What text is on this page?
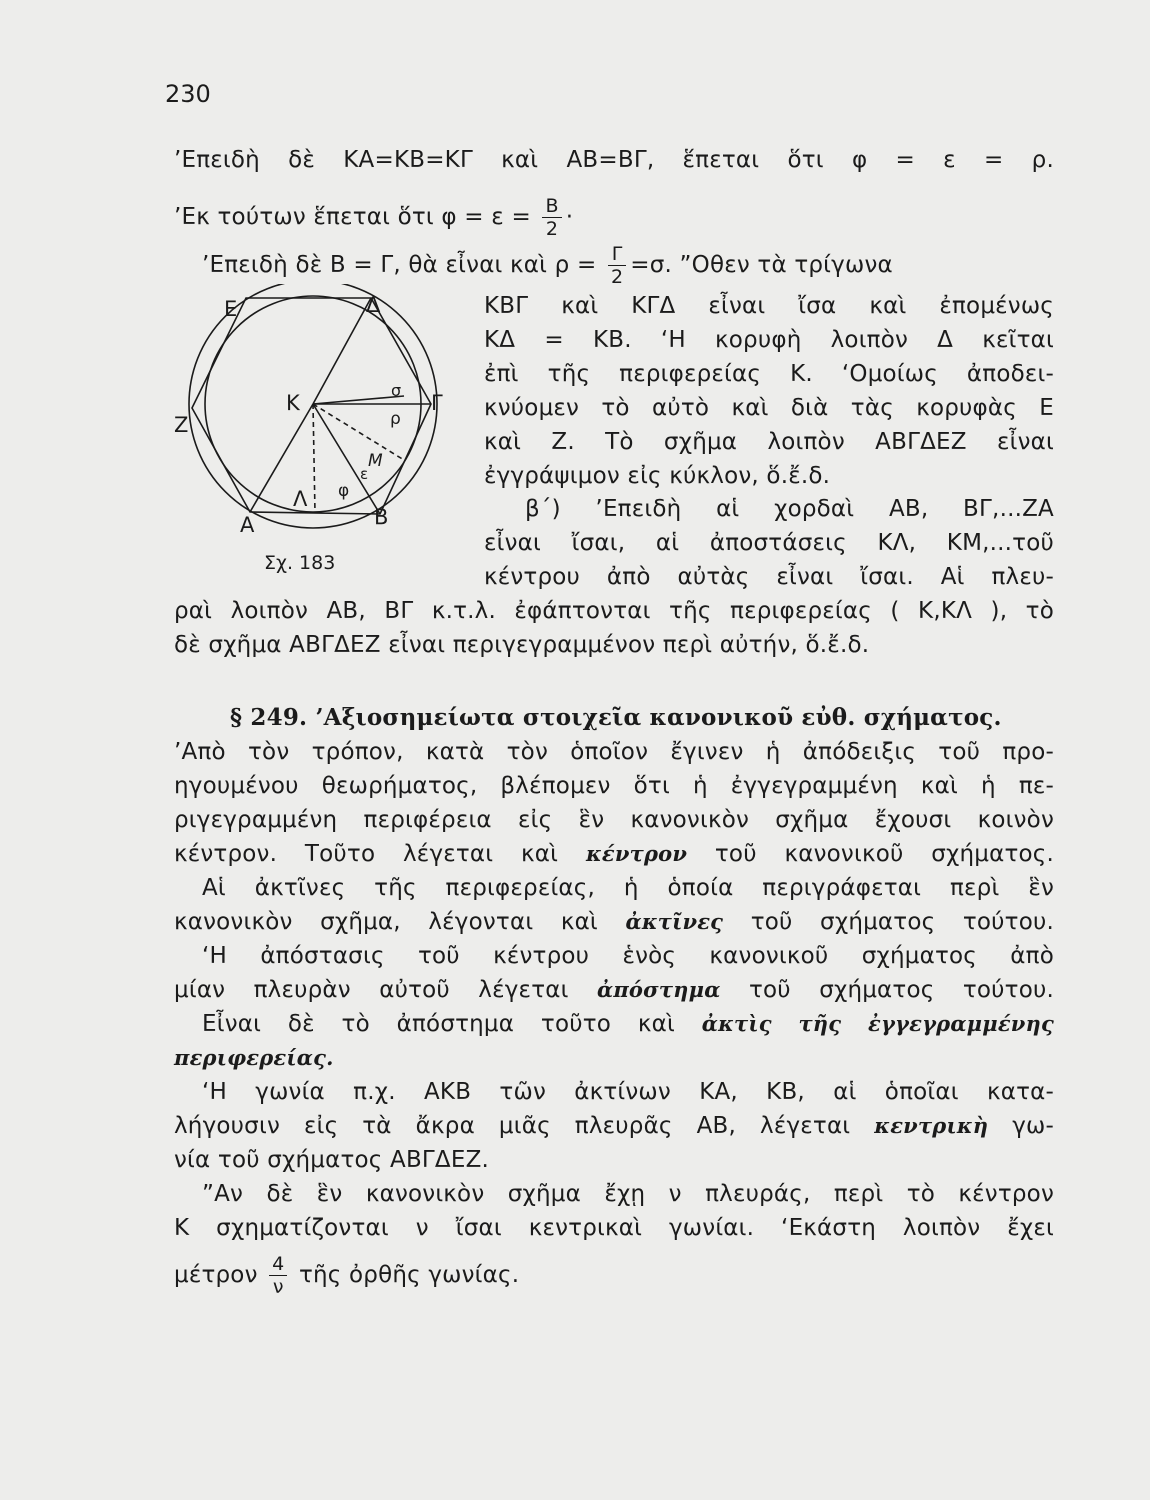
230
’Επειδὴ δὲ ΚΑ=ΚΒ=ΚΓ καὶ ΑΒ=ΒΓ, ἕπεται ὅτι φ = ε = ρ.
’Εκ τούτων ἕπεται ὅτι $\varphi = \varepsilon = \frac{B}{2}$ ·
’Επειδὴ δὲ Β = Γ, θὰ εἶναι καὶ $\rho = \frac{\Gamma}{2} =\sigma$. ”Οθεν τὰ τρίγωνα
Ε	Δ
Ζ
Γ
Α	Β
Κ
Λ
Μ
φ
ε
σ
ρ
Σχ. 183
ΚΒΓ καὶ ΚΓΔ εἶναι ἴσα καὶ ἐπομένως
ΚΔ = ΚΒ. ‘Η κορυφὴ λοιπὸν Δ κεῖται
ἐπὶ τῆς περιφερείας Κ. ‘Ομοίως ἀποδει-
κνύομεν τὸ αὐτὸ καὶ διὰ τὰς κορυφὰς Ε
καὶ Ζ. Τὸ σχῆμα λοιπὸν ΑΒΓΔΕΖ εἶναι
ἐγγράψιμον εἰς κύκλον, ὅ.ἔ.δ.
β΄) ’Επειδὴ αἱ χορδαὶ ΑΒ, ΒΓ,...ΖΑ
εἶναι ἴσαι, αἱ ἀποστάσεις ΚΛ, ΚΜ,...τοῦ
κέντρου ἀπὸ αὐτὰς εἶναι ἴσαι. Αἱ πλευ-
ραὶ λοιπὸν ΑΒ, ΒΓ κ.τ.λ. ἐφάπτονται τῆς περιφερείας ( Κ,ΚΛ ), τὸ
δὲ σχῆμα ΑΒΓΔΕΖ εἶναι περιγεγραμμένον περὶ αὐτήν, ὅ.ἔ.δ.
§ 249. ’Αξιοσημείωτα στοιχεῖα κανονικοῦ εὐθ. σχήματος.
’Απὸ τὸν τρόπον, κατὰ τὸν ὁποῖον ἔγινεν ἡ ἀπόδειξις τοῦ προ-
ηγουμένου θεωρήματος, βλέπομεν ὅτι ἡ ἐγγεγραμμένη καὶ ἡ πε-
ριγεγραμμένη περιφέρεια εἰς ἓν κανονικὸν σχῆμα ἔχουσι κοινὸν
κέντρον. Τοῦτο λέγεται καὶ κέντρον τοῦ κανονικοῦ σχήματος.
Αἱ ἀκτῖνες τῆς περιφερείας, ἡ ὁποία περιγράφεται περὶ ἓν
κανονικὸν σχῆμα, λέγονται καὶ ἀκτῖνες τοῦ σχήματος τούτου.
‘Η ἀπόστασις τοῦ κέντρου ἑνὸς κανονικοῦ σχήματος ἀπὸ
μίαν πλευρὰν αὐτοῦ λέγεται ἀπόστημα τοῦ σχήματος τούτου.
Εἶναι δὲ τὸ ἀπόστημα τοῦτο καὶ ἀκτὶς τῆς ἐγγεγραμμένης
περιφερείας.
‘Η γωνία π.χ. ΑΚΒ τῶν ἀκτίνων ΚΑ, ΚΒ, αἱ ὁποῖαι κατα-
λήγουσιν εἰς τὰ ἄκρα μιᾶς πλευρᾶς ΑΒ, λέγεται κεντρικὴ γω-
νία τοῦ σχήματος ΑΒΓΔΕΖ.
”Αν δὲ ἓν κανονικὸν σχῆμα ἔχῃ ν πλευράς, περὶ τὸ κέντρον
Κ σχηματίζονται ν ἴσαι κεντρικαὶ γωνίαι. ‘Εκάστη λοιπὸν ἔχει
μέτρον $\frac{4}{\nu}$ τῆς ὀρθῆς γωνίας.
